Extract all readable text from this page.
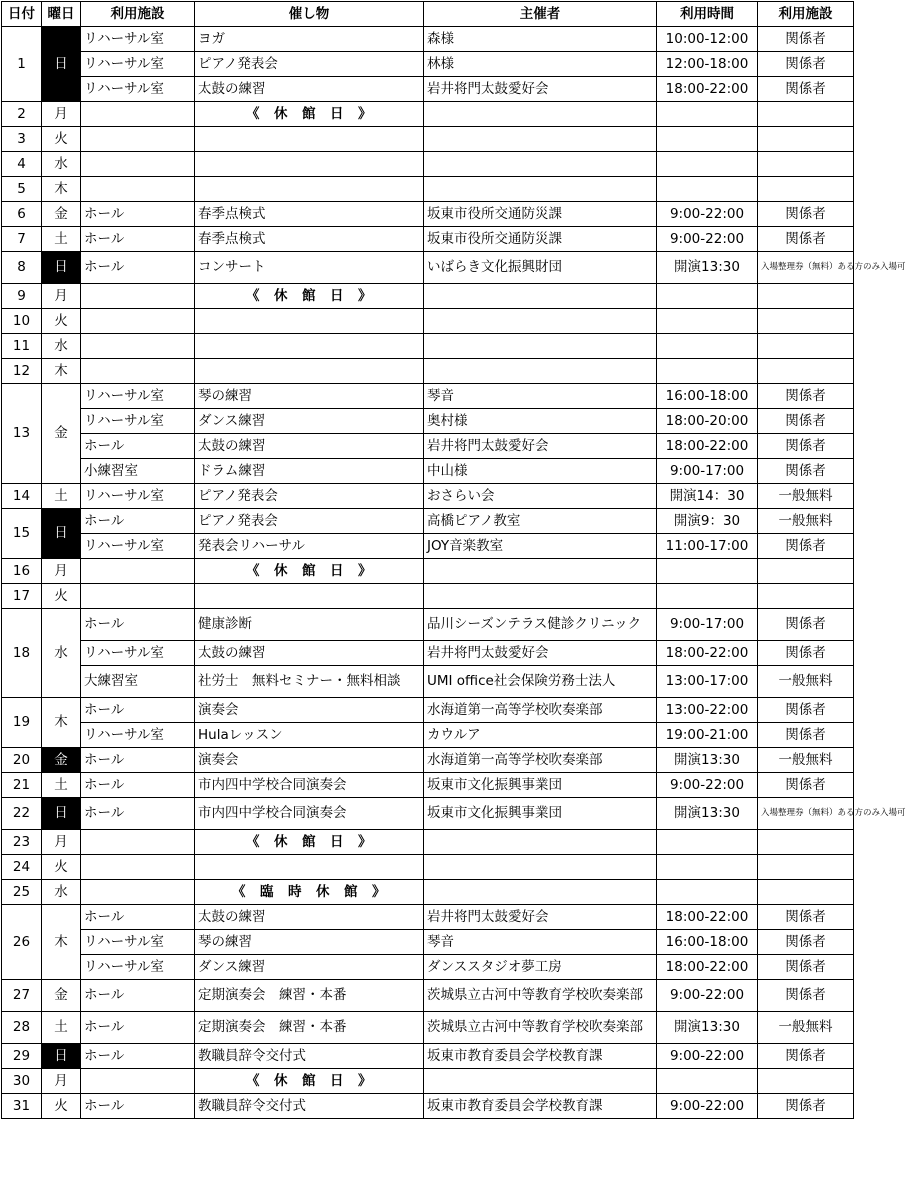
日付	曜日	利用施設	催し物	主催者	利用時間	利用施設
1	日	リハーサル室	ヨガ	森様	10:00-12:00	関係者
		リハーサル室	ピアノ発表会	林様	12:00-18:00	関係者
		リハーサル室	太鼓の練習	岩井将門太鼓愛好会	18:00-22:00	関係者
2	月		《　休　館　日　》			
3	火					
4	水					
5	木					
6	金	ホール	春季点検式	坂東市役所交通防災課	9:00-22:00	関係者
7	土	ホール	春季点検式	坂東市役所交通防災課	9:00-22:00	関係者
8	日	ホール	コンサート	いばらき文化振興財団	開演13:30	入場整理券（無料）ある方のみ入場可
9	月		《　休　館　日　》			
10	火					
11	水					
12	木					
13	金	リハーサル室	琴の練習	琴音	16:00-18:00	関係者
		リハーサル室	ダンス練習	奥村様	18:00-20:00	関係者
		ホール	太鼓の練習	岩井将門太鼓愛好会	18:00-22:00	関係者
		小練習室	ドラム練習	中山様	9:00-17:00	関係者
14	土	リハーサル室	ピアノ発表会	おさらい会	開演14：30	一般無料
15	日	ホール	ピアノ発表会	高橋ピアノ教室	開演9：30	一般無料
		リハーサル室	発表会リハーサル	JOY音楽教室	11:00-17:00	関係者
16	月		《　休　館　日　》			
17	火					
18	水	ホール	健康診断	品川シーズンテラス健診クリニック	9:00-17:00	関係者
		リハーサル室	太鼓の練習	岩井将門太鼓愛好会	18:00-22:00	関係者
		大練習室	社労士　無料セミナー・無料相談	UMI office社会保険労務士法人	13:00-17:00	一般無料
19	木	ホール	演奏会	水海道第一高等学校吹奏楽部	13:00-22:00	関係者
		リハーサル室	Hulaレッスン	カウルア	19:00-21:00	関係者
20	金	ホール	演奏会	水海道第一高等学校吹奏楽部	開演13:30	一般無料
21	土	ホール	市内四中学校合同演奏会	坂東市文化振興事業団	9:00-22:00	関係者
22	日	ホール	市内四中学校合同演奏会	坂東市文化振興事業団	開演13:30	入場整理券（無料）ある方のみ入場可
23	月		《　休　館　日　》			
24	火					
25	水		《　臨　時　休　館　》			
26	木	ホール	太鼓の練習	岩井将門太鼓愛好会	18:00-22:00	関係者
		リハーサル室	琴の練習	琴音	16:00-18:00	関係者
		リハーサル室	ダンス練習	ダンススタジオ夢工房	18:00-22:00	関係者
27	金	ホール	定期演奏会　練習・本番	茨城県立古河中等教育学校吹奏楽部	9:00-22:00	関係者
28	土	ホール	定期演奏会　練習・本番	茨城県立古河中等教育学校吹奏楽部	開演13:30	一般無料
29	日	ホール	教職員辞令交付式	坂東市教育委員会学校教育課	9:00-22:00	関係者
30	月		《　休　館　日　》			
31	火	ホール	教職員辞令交付式	坂東市教育委員会学校教育課	9:00-22:00	関係者
